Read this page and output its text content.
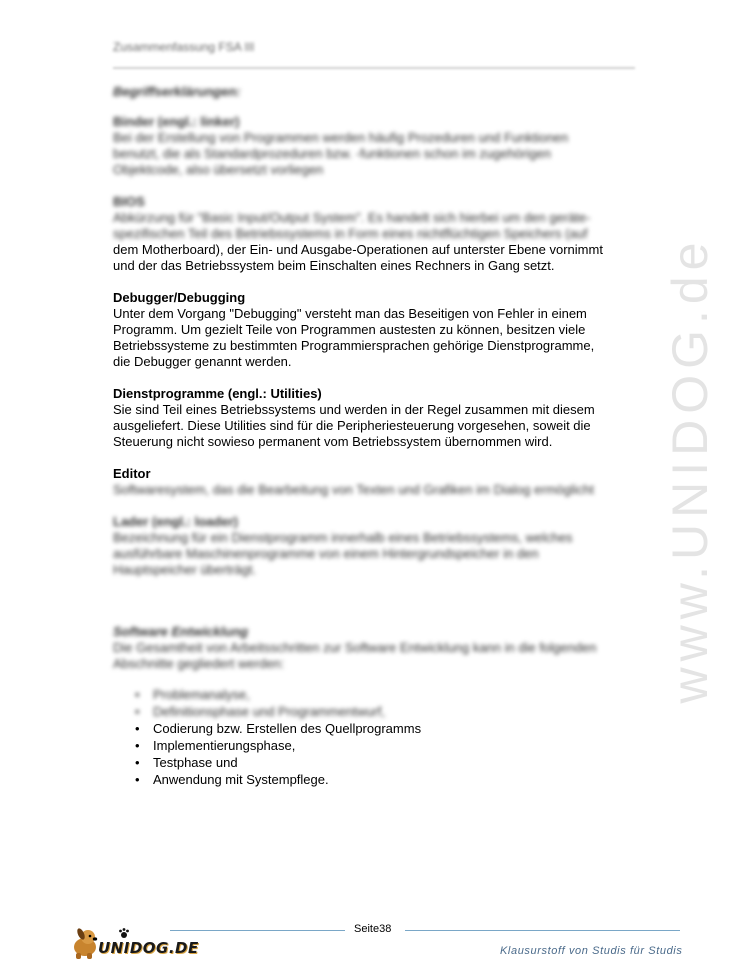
Zusammenfassung FSA III
www.UNIDOG.de

Begriffserklärungen:

Binder (engl.: linker)

Bei der Erstellung von Programmen werden häufig Prozeduren und Funktionen

benutzt, die als Standardprozeduren bzw. -funktionen schon im zugehörigen

Objektcode, also übersetzt vorliegen

BIOS

Abkürzung für "Basic Input/Output System". Es handelt sich hierbei um den geräte-

spezifischen Teil des Betriebssystems in Form eines nichtflüchtigen Speichers (auf

dem Motherboard), der Ein- und Ausgabe-Operationen auf unterster Ebene vornimmt

und der das Betriebssystem beim Einschalten eines Rechners in Gang setzt.

Debugger/Debugging

Unter dem Vorgang "Debugging" versteht man das Beseitigen von Fehler in einem

Programm. Um gezielt Teile von Programmen austesten zu können, besitzen viele

Betriebssysteme zu bestimmten Programmiersprachen gehörige Dienstprogramme,

die Debugger genannt werden.

Dienstprogramme (engl.: Utilities)

Sie sind Teil eines Betriebssystems und werden in der Regel zusammen mit diesem

ausgeliefert. Diese Utilities sind für die Peripheriesteuerung vorgesehen, soweit die

Steuerung nicht sowieso permanent vom Betriebssystem übernommen wird.

Editor

Softwaresystem, das die Bearbeitung von Texten und Grafiken im Dialog ermöglicht

Lader (engl.: loader)

Bezeichnung für ein Dienstprogramm innerhalb eines Betriebssystems, welches

ausführbare Maschinenprogramme von einem Hintergrundspeicher in den

Hauptspeicher überträgt.

Software Entwicklung

Die Gesamtheit von Arbeitsschritten zur Software Entwicklung kann in die folgenden

Abschnitte gegliedert werden:

• Problemanalyse,
• Definitionsphase und Programmentwurf,
• Codierung bzw. Erstellen des Quellprogramms
• Implementierungsphase,
• Testphase und
• Anwendung mit Systempflege.
Seite38
UNIDOG.DE	Klausurstoff von Studis für Studis
